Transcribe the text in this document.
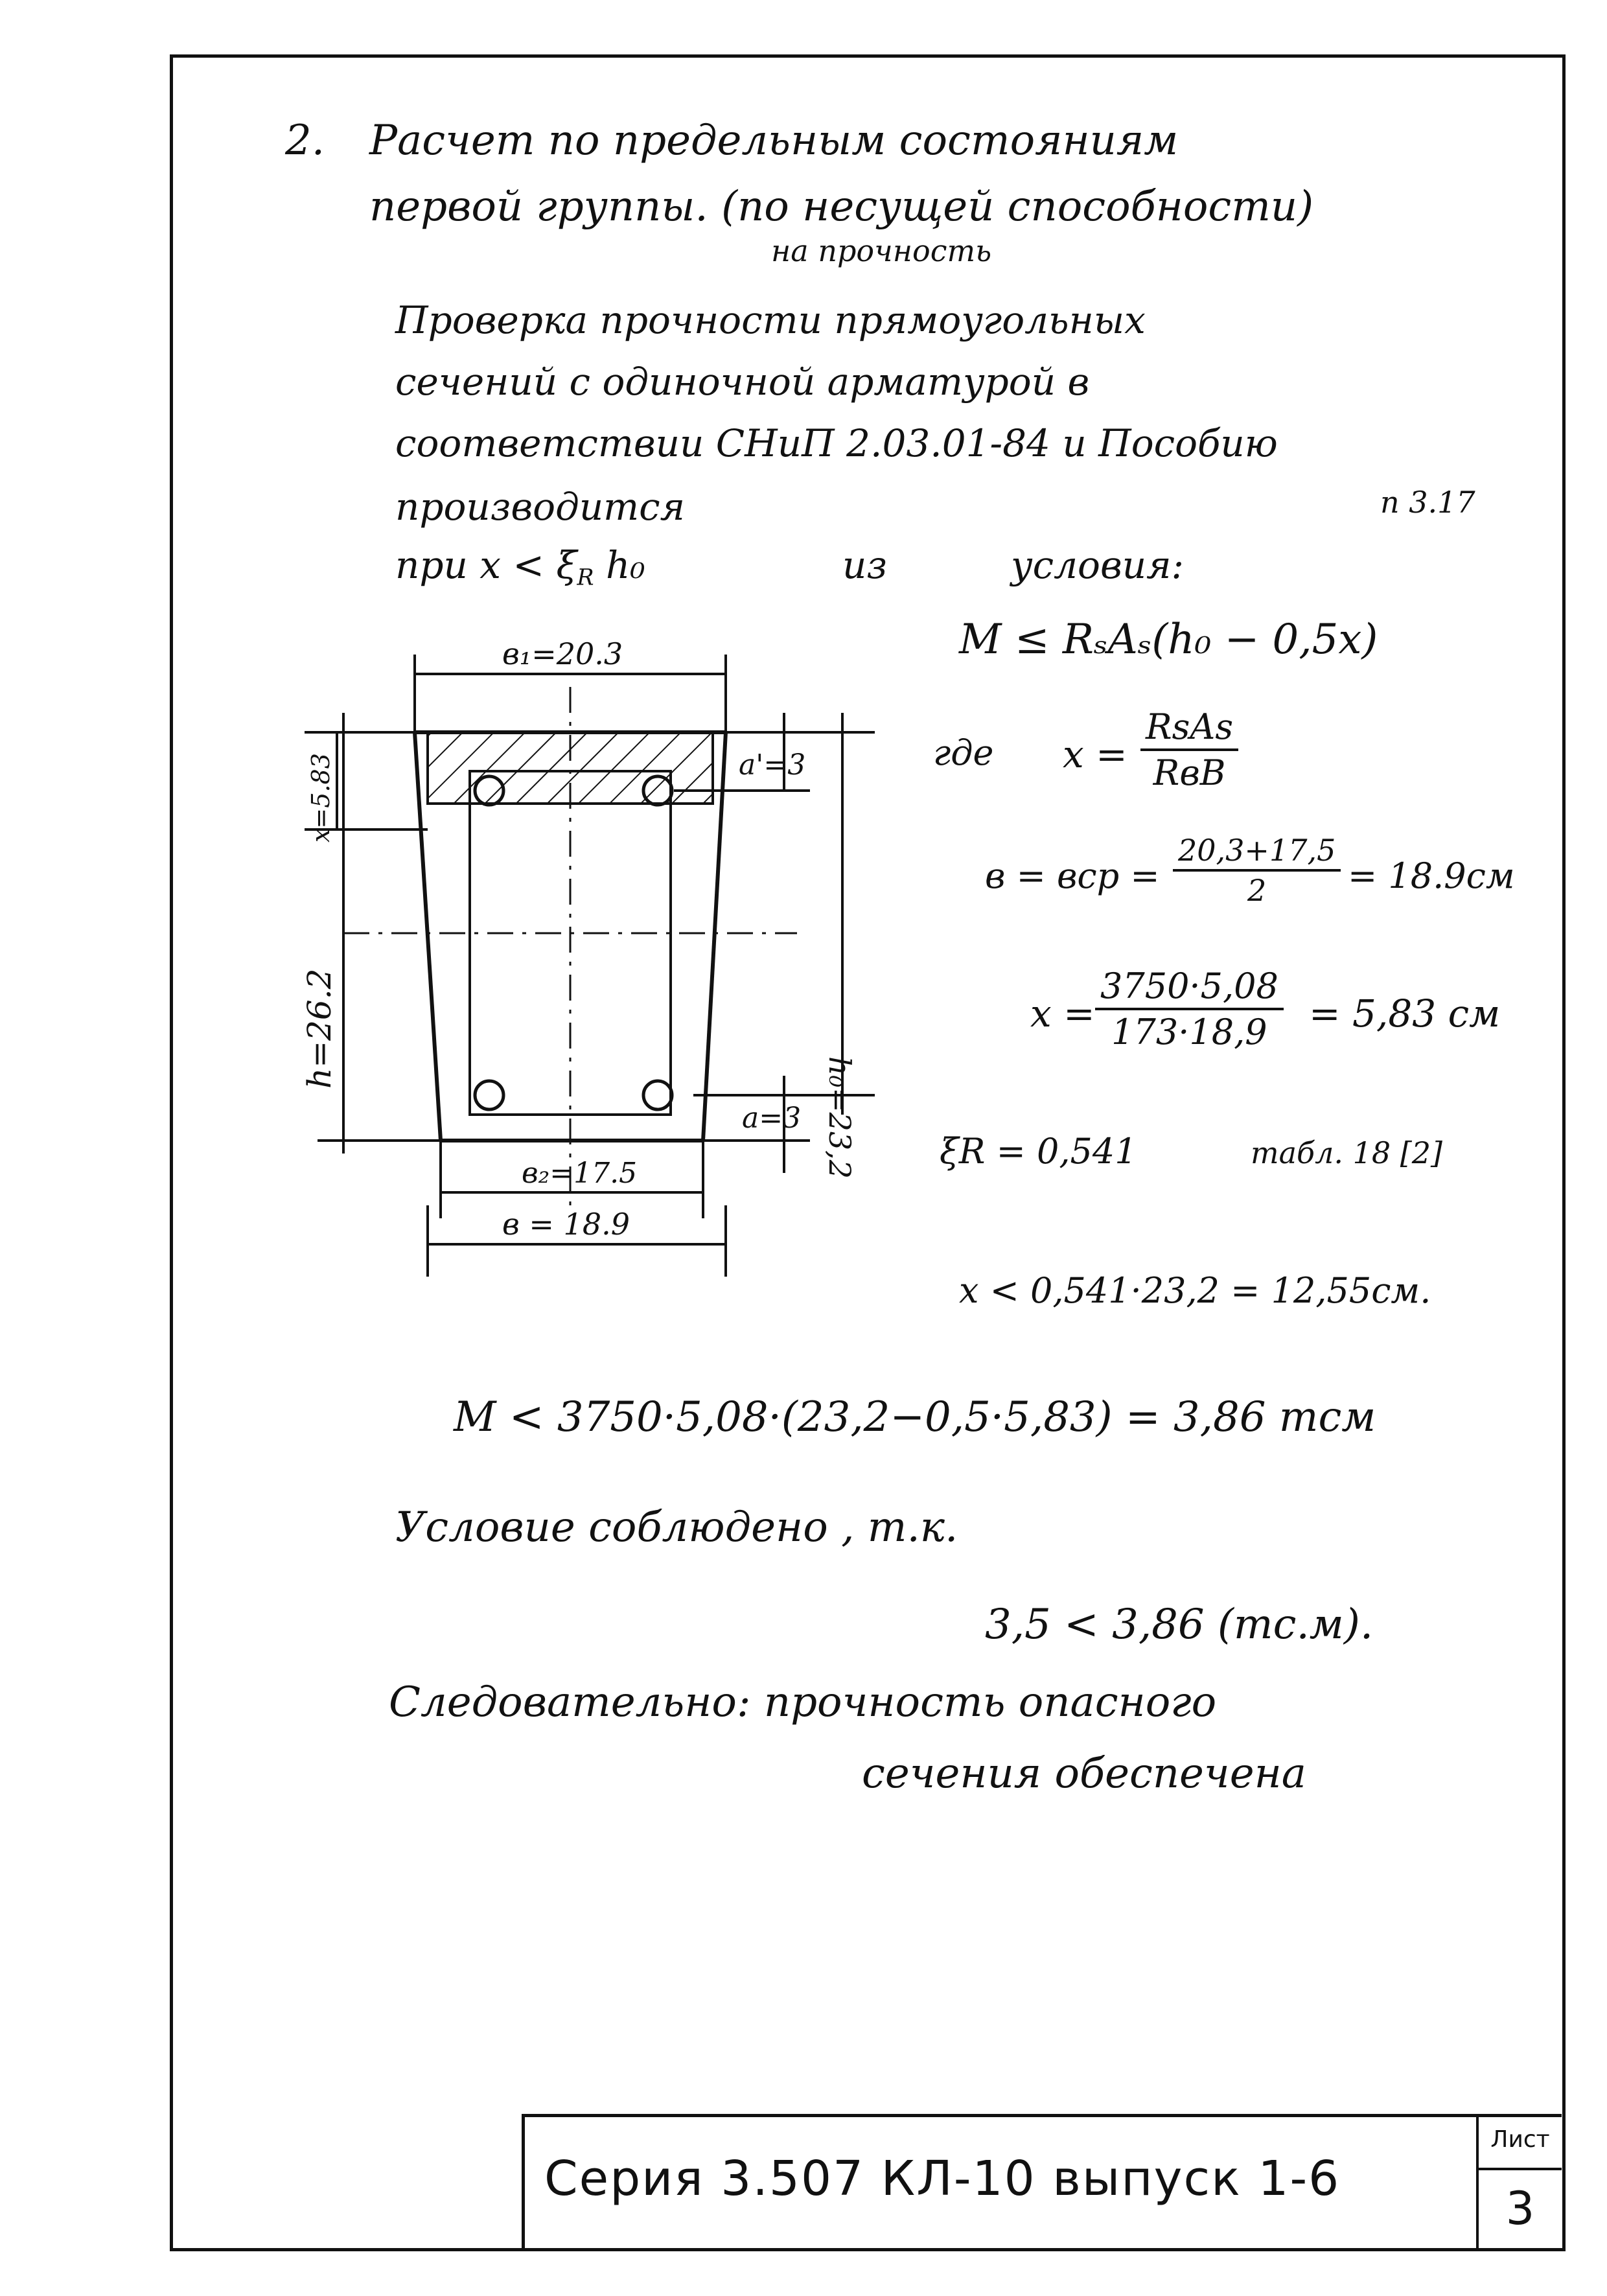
2. Расчет по предельным состояниям
первой группы. (по несущей способности)
на прочность
Проверка прочности прямоугольных
сечений с одиночной арматурой в
соответствии СНиП 2.03.01-84 и Пособию
производится	п 3.17
при $x < \xi_R$ h₀	из	условия:
M ≤ RₛAₛ(h₀ − 0,5x)
где x =
RsAs
RвB
в = вср = $\frac{20,3+17,5}{2} = 18.9см$
$x = \frac{3750\cdot 5,08}{173\cdot 18,9} = 5,83$ см
ξR = 0,541	табл. 18 [2]
x < 0,541·23,2 = 12,55см.
M < 3750·5,08·(23,2−0,5·5,83) = 3,86 тсм
в₁=20.3
x=5.83
h=26.2
a'=3
h₀=23,2
a=3
в₂=17.5
в = 18.9
Условие соблюдено , т.к.
3,5 < 3,86 (тс.м).
Следовательно: прочность опасного
сечения обеспечена
Серия 3.507 КЛ-10 выпуск 1-6
Лист
3
